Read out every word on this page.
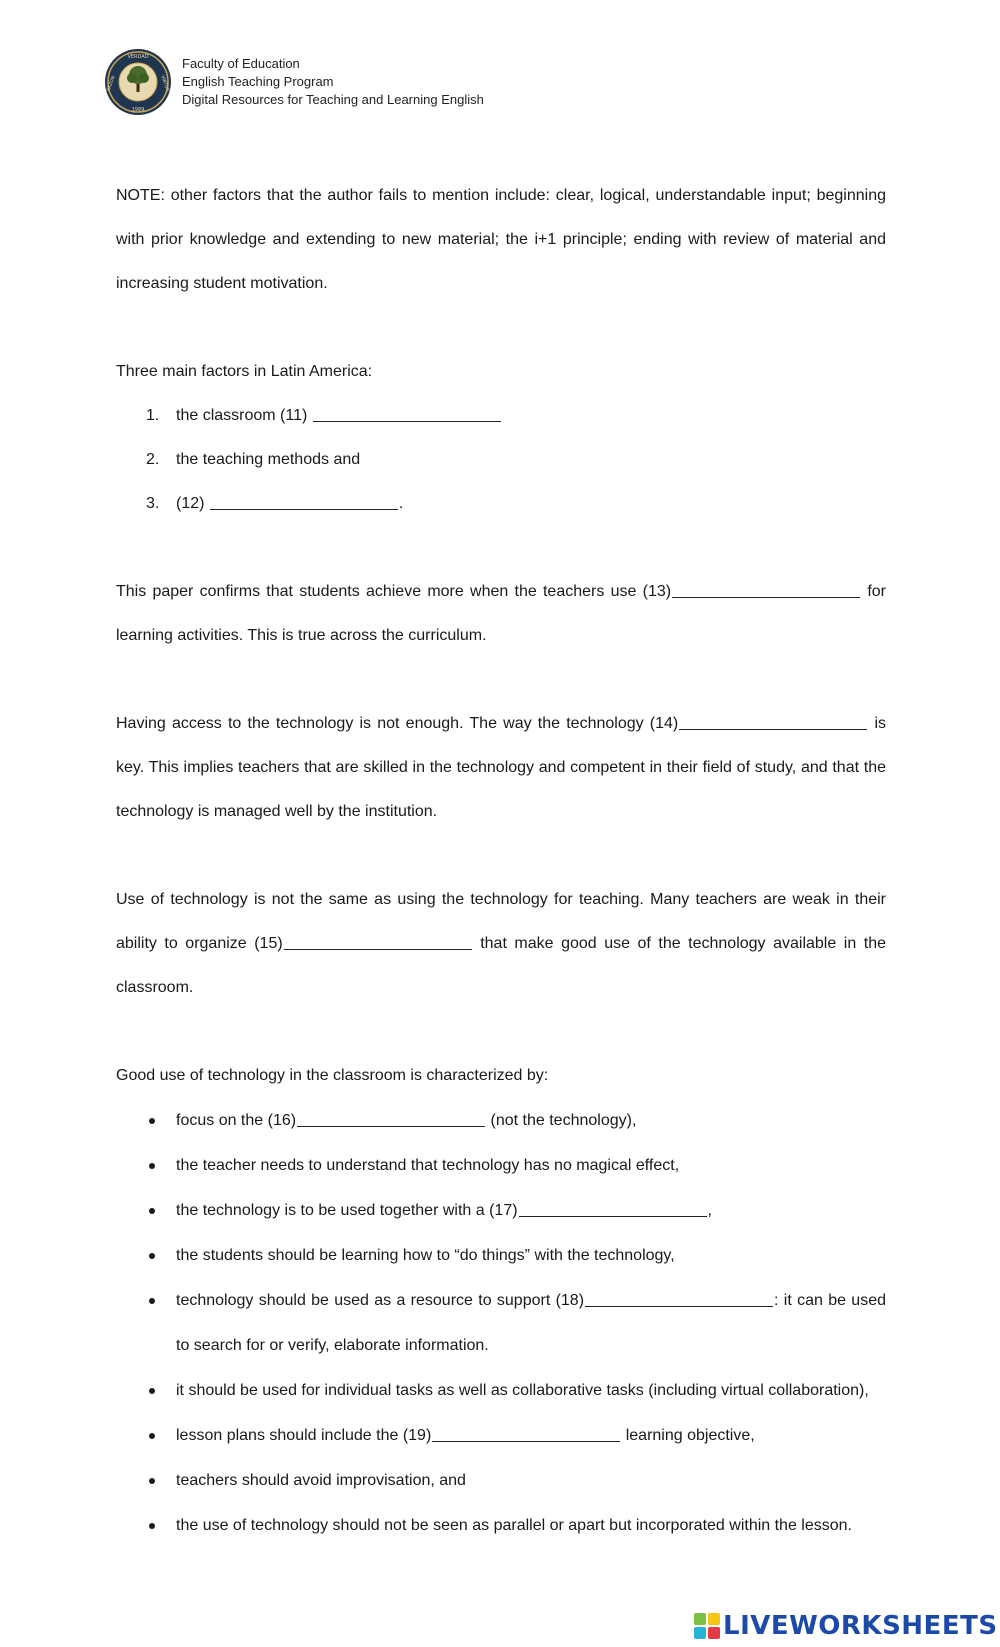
VERDAD
RAZÓN	VIRTUD
1989
Faculty of Education
English Teaching Program
Digital Resources for Teaching and Learning English

NOTE: other factors that the author fails to mention include: clear, logical, understandable input; beginning with prior knowledge and extending to new material; the i+1 principle; ending with review of material and increasing student motivation.

Three main factors in Latin America:

1.	the classroom (11)
2.	the teaching methods and
3.	(12)	.

This paper confirms that students achieve more when the teachers use (13)	for learning activities. This is true across the curriculum.

Having access to the technology is not enough. The way the technology (14)	is key. This implies teachers that are skilled in the technology and competent in their field of study, and that the technology is managed well by the institution.

Use of technology is not the same as using the technology for teaching. Many teachers are weak in their ability to organize (15)	that make good use of the technology available in the classroom.

Good use of technology in the classroom is characterized by:

focus on the (16)	(not the technology),
the teacher needs to understand that technology has no magical effect,
the technology is to be used together with a (17)	,
the students should be learning how to “do things” with the technology,
technology should be used as a resource to support (18)	: it can be used to search for or verify, elaborate information.
it should be used for individual tasks as well as collaborative tasks (including virtual collaboration),
lesson plans should include the (19)	learning objective,
teachers should avoid improvisation, and
the use of technology should not be seen as parallel or apart but incorporated within the lesson.
LIVEWORKSHEETS
